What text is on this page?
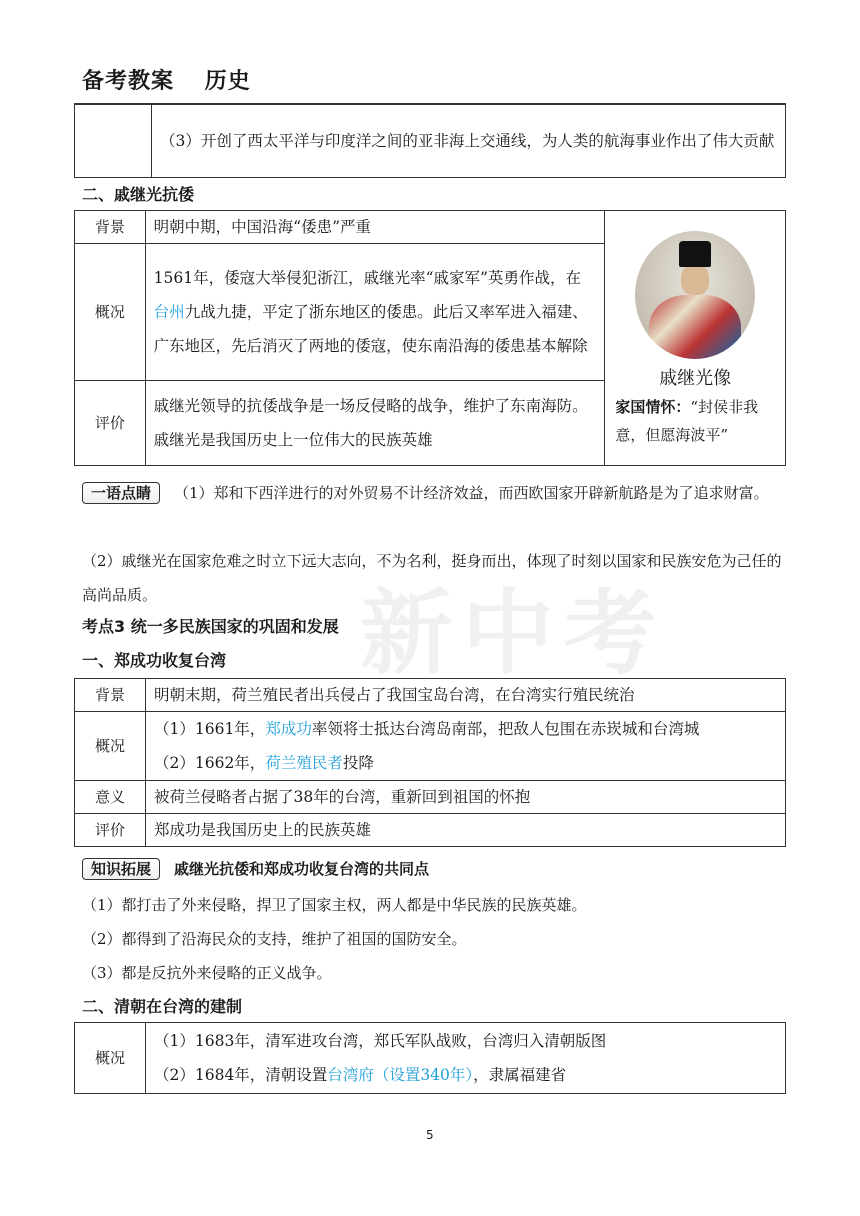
备考教案 历史
	（3）开创了西太平洋与印度洋之间的亚非海上交通线，为人类的航海事业作出了伟大贡献
二、戚继光抗倭
背景	明朝中期，中国沿海“倭患”严重	戚继光像
家国情怀：“封侯非我意，但愿海波平”

概况	1561年，倭寇大举侵犯浙江，戚继光率“戚家军”英勇作战，在台州九战九捷，平定了浙东地区的倭患。此后又率军进入福建、广东地区，先后消灭了两地的倭寇，使东南沿海的倭患基本解除	
评价	戚继光领导的抗倭战争是一场反侵略的战争，维护了东南海防。戚继光是我国历史上一位伟大的民族英雄	
一语点睛 （1）郑和下西洋进行的对外贸易不计经济效益，而西欧国家开辟新航路是为了追求财富。
（2）戚继光在国家危难之时立下远大志向，不为名利，挺身而出，体现了时刻以国家和民族安危为己任的高尚品质。	新中考
考点3 统一多民族国家的巩固和发展
一、郑成功收复台湾
背景	明朝末期，荷兰殖民者出兵侵占了我国宝岛台湾，在台湾实行殖民统治
概况	（1）1661年，郑成功率领将士抵达台湾岛南部，把敌人包围在赤崁城和台湾城
（2）1662年，荷兰殖民者投降

意义	被荷兰侵略者占据了38年的台湾，重新回到祖国的怀抱
评价	郑成功是我国历史上的民族英雄
知识拓展 戚继光抗倭和郑成功收复台湾的共同点
（1）都打击了外来侵略，捍卫了国家主权，两人都是中华民族的民族英雄。
（2）都得到了沿海民众的支持，维护了祖国的国防安全。
（3）都是反抗外来侵略的正义战争。
二、清朝在台湾的建制
概况	
（1）1683年，清军进攻台湾，郑氏军队战败，台湾归入清朝版图
（2）1684年，清朝设置台湾府（设置340年），隶属福建省
5
